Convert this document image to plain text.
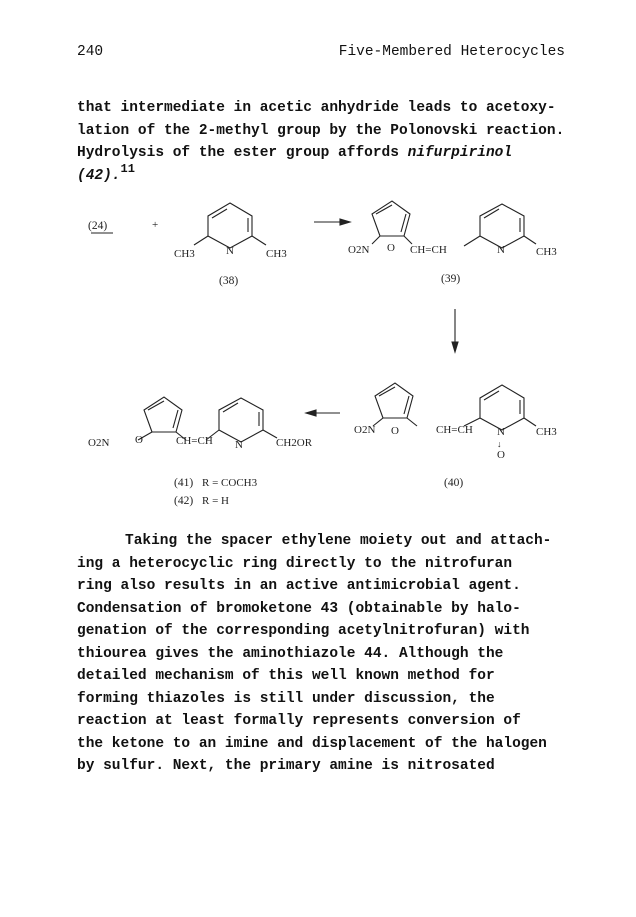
240	Five-Membered Heterocycles
that intermediate in acetic anhydride leads to acetoxy-
lation of the 2-methyl group by the Polonovski reaction.
Hydrolysis of the ester group affords nifurpirinol
(42).$^{11}$
(24)	+
CH3	N	CH3
(38)
O2N O CH=CH	N	CH3
(39)
O2N O	CH=CH N	CH3
↓
O
(40)
O2N O	CH=CH N	CH2OR
(41) R = COCH3
(42) R = H
Taking the spacer ethylene moiety out and attach-
ing a heterocyclic ring directly to the nitrofuran
ring also results in an active antimicrobial agent.
Condensation of bromoketone 43 (obtainable by halo-
genation of the corresponding acetylnitrofuran) with
thiourea gives the aminothiazole 44. Although the
detailed mechanism of this well known method for
forming thiazoles is still under discussion, the
reaction at least formally represents conversion of
the ketone to an imine and displacement of the halogen
by sulfur. Next, the primary amine is nitrosated
